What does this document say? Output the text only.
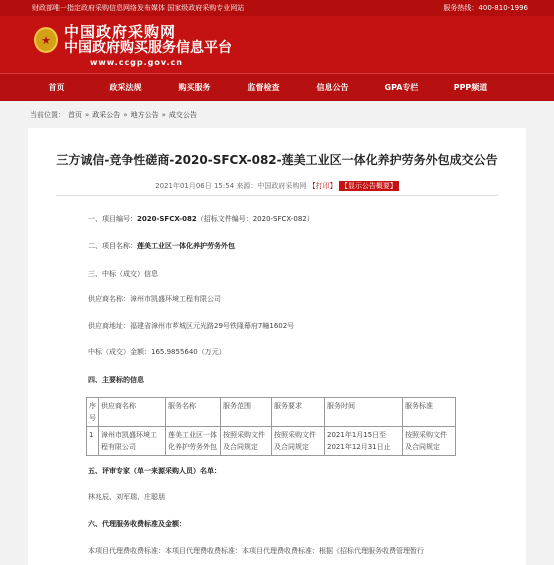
财政部唯一指定政府采购信息网络发布媒体 国家级政府采购专业网站	服务热线：400-810-1996
★ 中国政府采购网
中国政府购买服务信息平台
www.ccgp.gov.cn
首页	政采法规	购买服务	监督检查	信息公告	GPA专栏	PPP频道
当前位置： 首页 » 政采公告 » 地方公告 » 成交公告
三方诚信-竞争性磋商-2020-SFCX-082-莲美工业区一体化养护劳务外包成交公告
2021年01月06日 15:54 来源：中国政府采购网 【打印】 【显示公告概要】
一、项目编号：2020-SFCX-082（招标文件编号：2020-SFCX-082）
二、项目名称：莲美工业区一体化养护劳务外包
三、中标（成交）信息
供应商名称：漳州市凯盛环境工程有限公司
供应商地址：福建省漳州市芗城区元光路29号铁隆幕府7幢1602号
中标（成交）金额：165.9855640（万元）
四、主要标的信息
序号	供应商名称	服务名称	服务范围	服务要求	服务时间	服务标准
1	漳州市凯盛环境工程有限公司	莲美工业区一体化养护劳务外包	按照采购文件及合同规定	按照采购文件及合同规定	2021年1月15日至2021年12月31日止	按照采购文件及合同规定
五、评审专家（单一来源采购人员）名单：
林兆辰、刘军瑞、庄聪朋
六、代理服务收费标准及金额：
本项目代理费收费标准：本项目代理费收费标准：本项目代理费收费标准：根据《招标代理服务收费管理暂行
